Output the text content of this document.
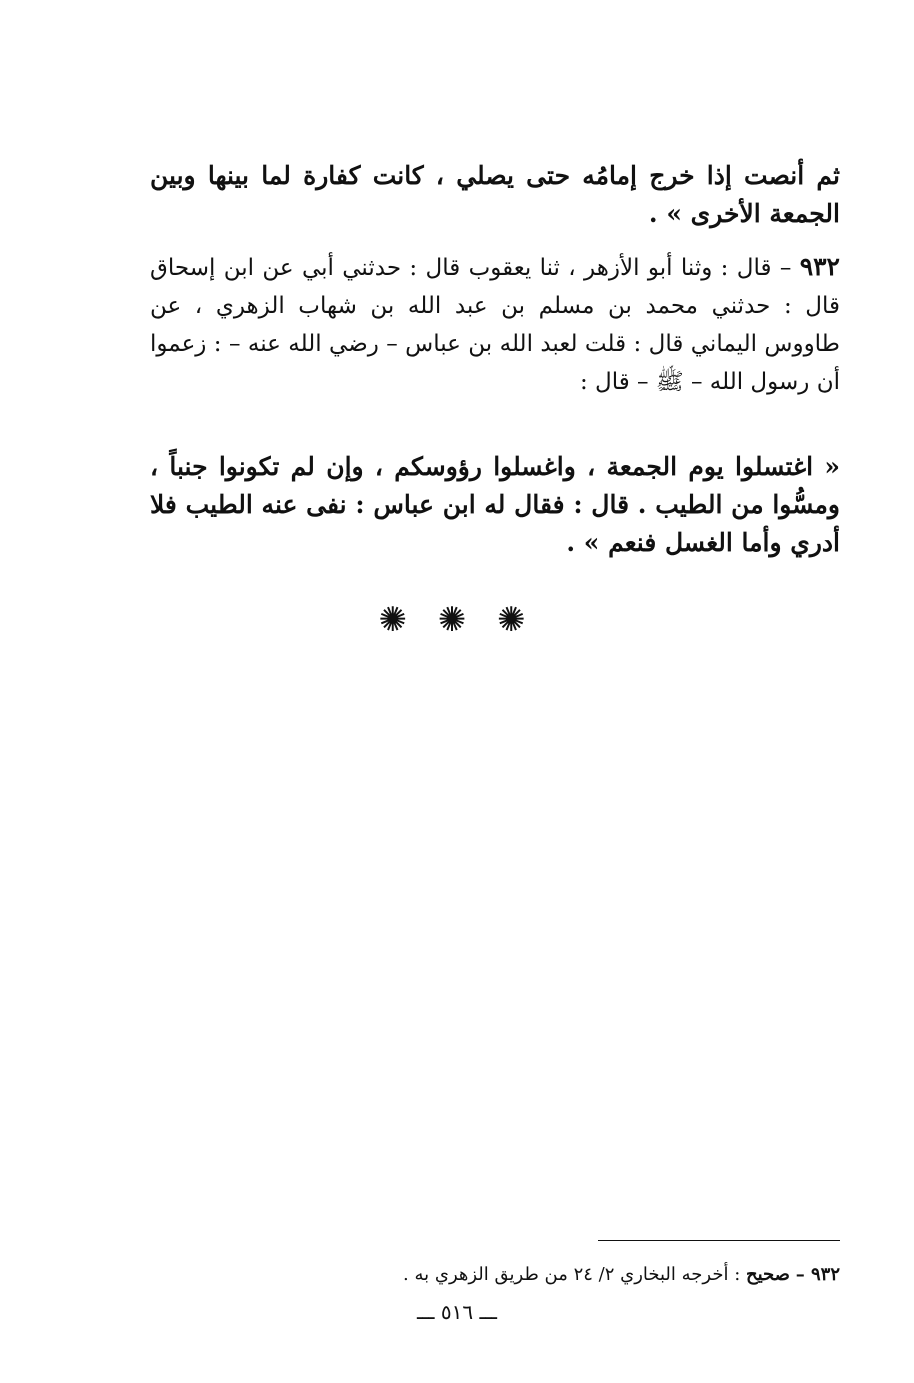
ثم أنصت إذا خرج إمامُه حتى يصلي ، كانت كفارة لما بينها وبين الجمعة الأخرى » .

٩٣٢ – قال : وثنا أبو الأزهر ، ثنا يعقوب قال : حدثني أبي عن ابن إسحاق قال : حدثني محمد بن مسلم بن عبد الله بن شهاب الزهري ، عن طاووس اليماني قال : قلت لعبد الله بن عباس – رضي الله عنه – : زعموا أن رسول الله – ﷺ – قال :

« اغتسلوا يوم الجمعة ، واغسلوا رؤوسكم ، وإن لم تكونوا جنباً ، ومسُّوا من الطيب . قال : فقال له ابن عباس : نفى عنه الطيب فلا أدري وأما الغسل فنعم » .

✺ ✺ ✺
٩٣٢ – صحيح : أخرجه البخاري ٢/ ٢٤ من طريق الزهري به .
ـــ ٥١٦ ـــ
